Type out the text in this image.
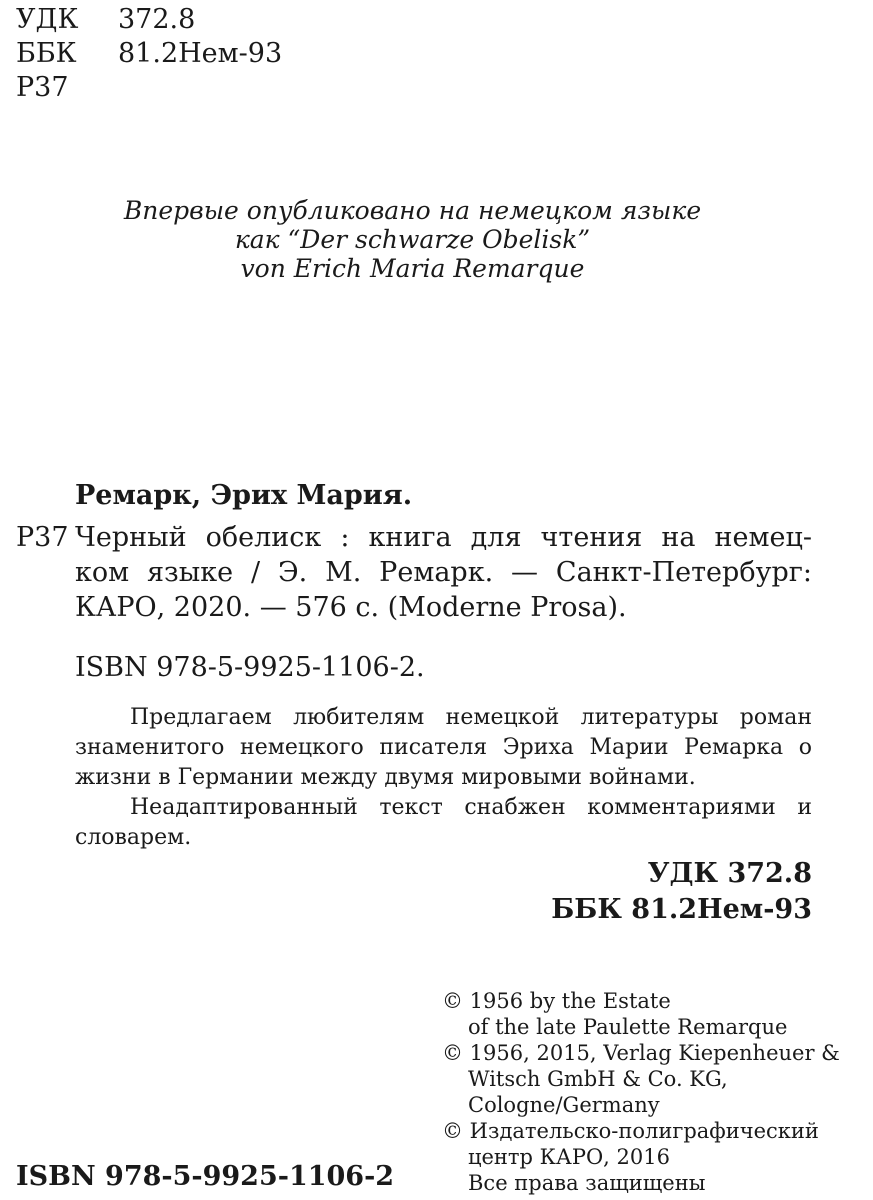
УДК 372.8
ББК 81.2Нем-93
Р37
Впервые опубликовано на немецком языке
как “Der schwarze Obelisk”
von Erich Maria Remarque
Ремарк, Эрих Мария.
Р37 Черный обелиск : книга для чтения на немец-
ком языке / Э. М. Ремарк. — Санкт-Петербург:
КАРО, 2020. — 576 с. (Moderne Prosa).
ISBN 978-5-9925-1106-2.
Предлагаем любителям немецкой литературы роман
знаменитого немецкого писателя Эриха Марии Ремарка о
жизни в Германии между двумя мировыми войнами.
Неадаптированный текст снабжен комментариями и
словарем.
УДК 372.8
ББК 81.2Нем-93
© 1956 by the Estate
of the late Paulette Remarque
© 1956, 2015, Verlag Kiepenheuer &
Witsch GmbH & Co. KG,
Cologne/Germany
© Издательско-полиграфический
центр КАРО, 2016
Все права защищены
ISBN 978-5-9925-1106-2
